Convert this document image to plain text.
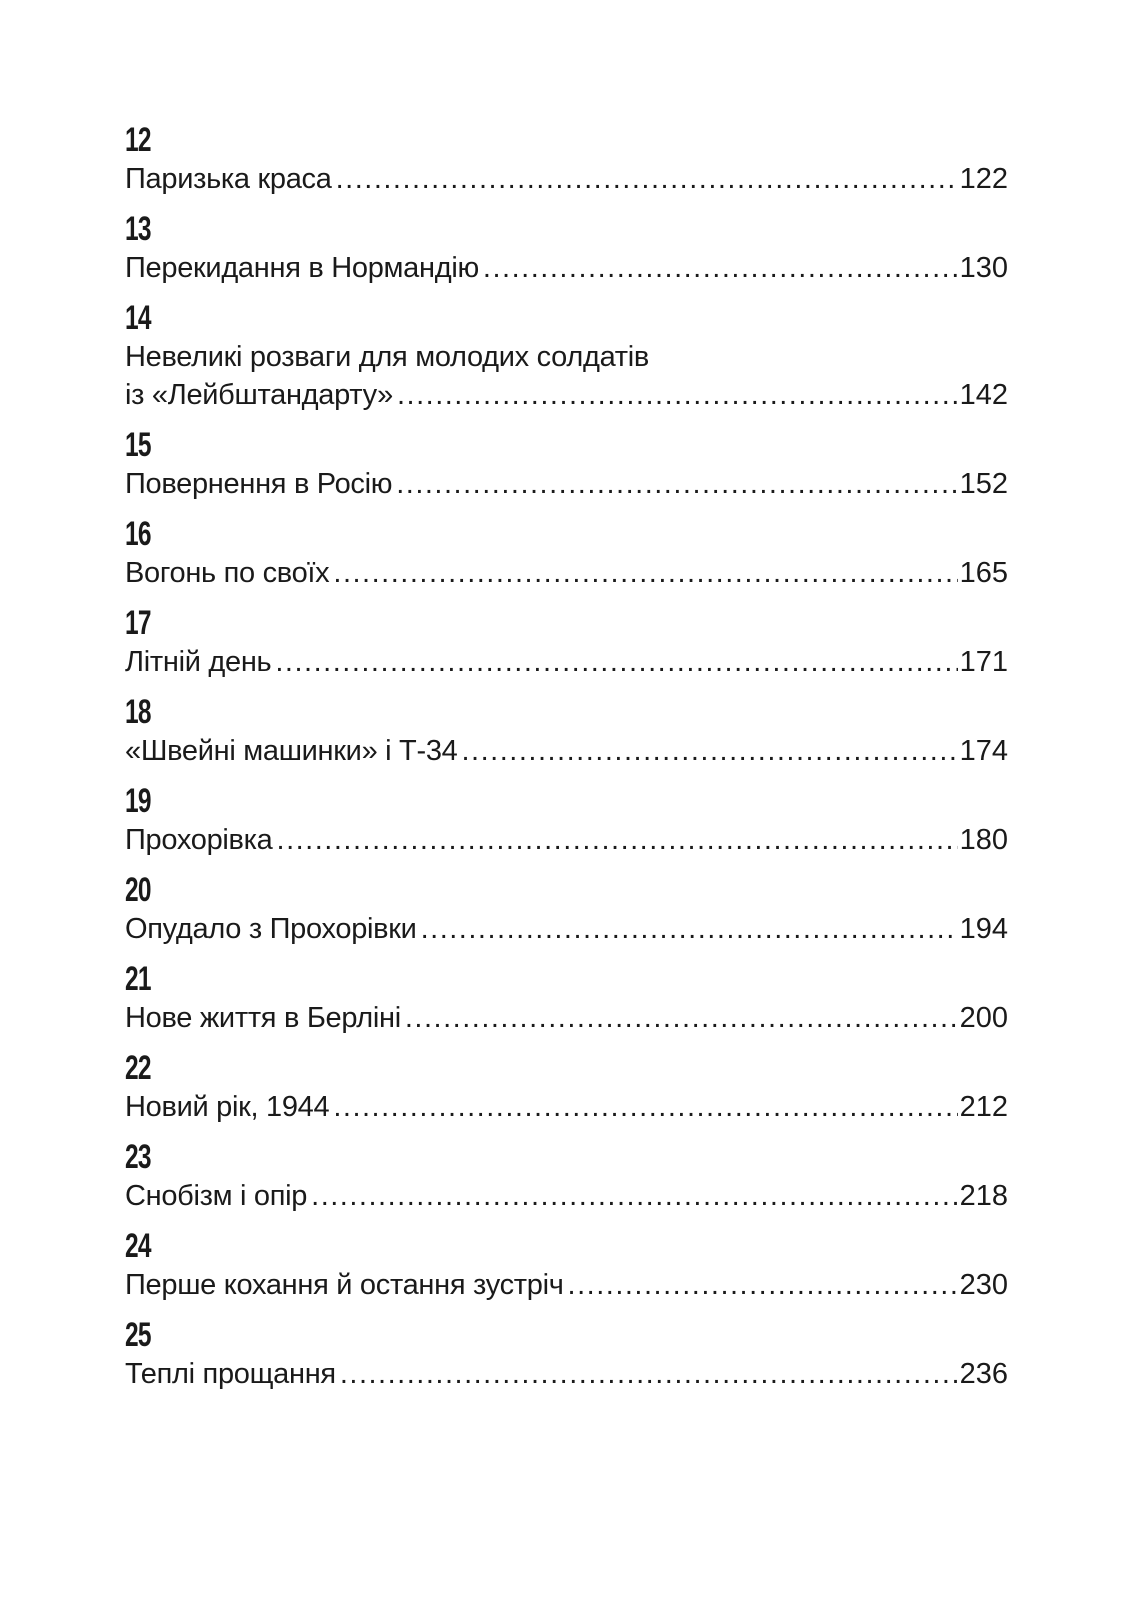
12
Паризька краса .....	122
13
Перекидання в Нормандію .....	130
14
Невеликі розваги для молодих солдатів
із «Лейбштандарту» .....	142
15
Повернення в Росію .....	152
16
Вогонь по своїх .....	165
17
Літній день .....	171
18
«Швейні машинки» і Т-34 .....	174
19
Прохорівка .....	180
20
Опудало з Прохорівки .....	194
21
Нове життя в Берліні .....	200
22
Новий рік, 1944 .....	212
23
Снобізм і опір .....	218
24
Перше кохання й остання зустріч .....	230
25
Теплі прощання .....	236
